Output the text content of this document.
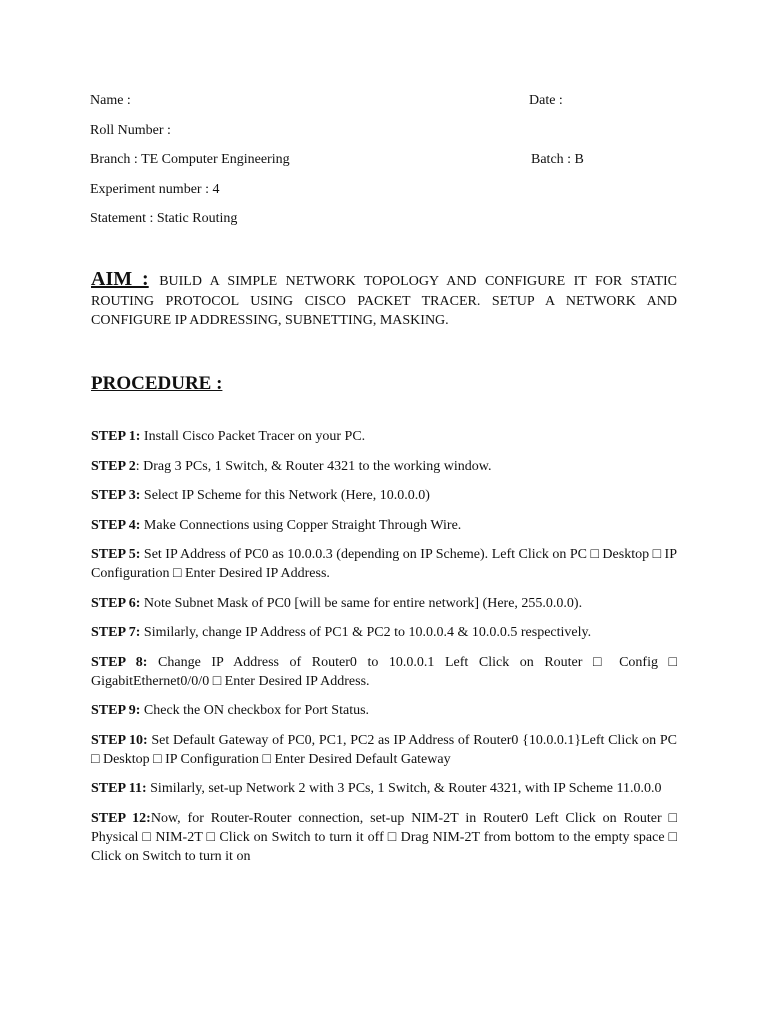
Name :	Date :
Roll Number :
Branch : TE Computer Engineering	Batch : B
Experiment number : 4
Statement : Static Routing
AIM : BUILD A SIMPLE NETWORK TOPOLOGY AND CONFIGURE IT FOR STATIC ROUTING PROTOCOL USING CISCO PACKET TRACER. SETUP A NETWORK AND CONFIGURE IP ADDRESSING, SUBNETTING, MASKING.
PROCEDURE :

STEP 1: Install Cisco Packet Tracer on your PC.

STEP 2: Drag 3 PCs, 1 Switch, & Router 4321 to the working window.

STEP 3: Select IP Scheme for this Network (Here, 10.0.0.0)

STEP 4: Make Connections using Copper Straight Through Wire.

STEP 5: Set IP Address of PC0 as 10.0.0.3 (depending on IP Scheme). Left Click on PC □ Desktop □ IP Configuration □ Enter Desired IP Address.

STEP 6: Note Subnet Mask of PC0 [will be same for entire network] (Here, 255.0.0.0).

STEP 7: Similarly, change IP Address of PC1 & PC2 to 10.0.0.4 & 10.0.0.5 respectively.

STEP 8: Change IP Address of Router0 to 10.0.0.1 Left Click on Router □ Config □ GigabitEthernet0/0/0 □ Enter Desired IP Address.

STEP 9: Check the ON checkbox for Port Status.

STEP 10: Set Default Gateway of PC0, PC1, PC2 as IP Address of Router0 {10.0.0.1}Left Click on PC □ Desktop □ IP Configuration □ Enter Desired Default Gateway

STEP 11: Similarly, set-up Network 2 with 3 PCs, 1 Switch, & Router 4321, with IP Scheme 11.0.0.0

STEP 12:Now, for Router-Router connection, set-up NIM-2T in Router0 Left Click on Router □ Physical □ NIM-2T □ Click on Switch to turn it off □ Drag NIM-2T from bottom to the empty space □ Click on Switch to turn it on
